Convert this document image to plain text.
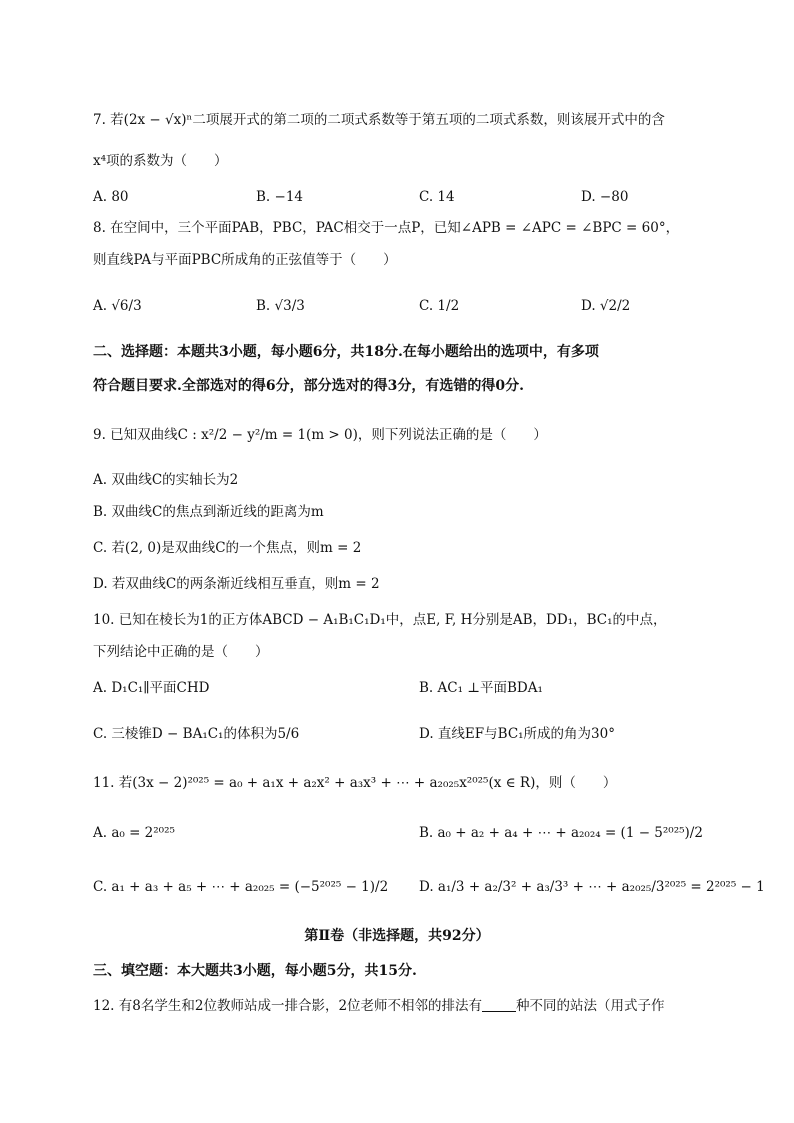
7. 若(2x − √x)ⁿ二项展开式的第二项的二项式系数等于第五项的二项式系数，则该展开式中的含
x⁴项的系数为（　　）
A. 80	B. −14	C. 14	D. −80
8. 在空间中，三个平面PAB，PBC，PAC相交于一点P，已知∠APB = ∠APC = ∠BPC = 60°，
则直线PA与平面PBC所成角的正弦值等于（　　）
A. √6/3	B. √3/3	C. 1/2	D. √2/2
二、选择题：本题共3小题，每小题6分，共18分.在每小题给出的选项中，有多项
符合题目要求.全部选对的得6分，部分选对的得3分，有选错的得0分.
9. 已知双曲线C : x²/2 − y²/m = 1(m > 0)，则下列说法正确的是（　　）
A. 双曲线C的实轴长为2
B. 双曲线C的焦点到渐近线的距离为m
C. 若(2, 0)是双曲线C的一个焦点，则m = 2
D. 若双曲线C的两条渐近线相互垂直，则m = 2
10. 已知在棱长为1的正方体ABCD − A₁B₁C₁D₁中，点E, F, H分别是AB，DD₁，BC₁的中点，
下列结论中正确的是（　　）
A. D₁C₁∥平面CHD	B. AC₁ ⊥平面BDA₁
C. 三棱锥D − BA₁C₁的体积为5/6	D. 直线EF与BC₁所成的角为30°
11. 若(3x − 2)²⁰²⁵ = a₀ + a₁x + a₂x² + a₃x³ + ⋯ + a₂₀₂₅x²⁰²⁵(x ∈ R)，则（　　）
A. a₀ = 2²⁰²⁵	B. a₀ + a₂ + a₄ + ⋯ + a₂₀₂₄ = (1 − 5²⁰²⁵)/2
C. a₁ + a₃ + a₅ + ⋯ + a₂₀₂₅ = (−5²⁰²⁵ − 1)/2 D. a₁/3 + a₂/3² + a₃/3³ + ⋯ + a₂₀₂₅/3²⁰²⁵ = 2²⁰²⁵ − 1
第Ⅱ卷（非选择题，共92分）
三、填空题：本大题共3小题，每小题5分，共15分.
12. 有8名学生和2位教师站成一排合影，2位老师不相邻的排法有	种不同的站法（用式子作
